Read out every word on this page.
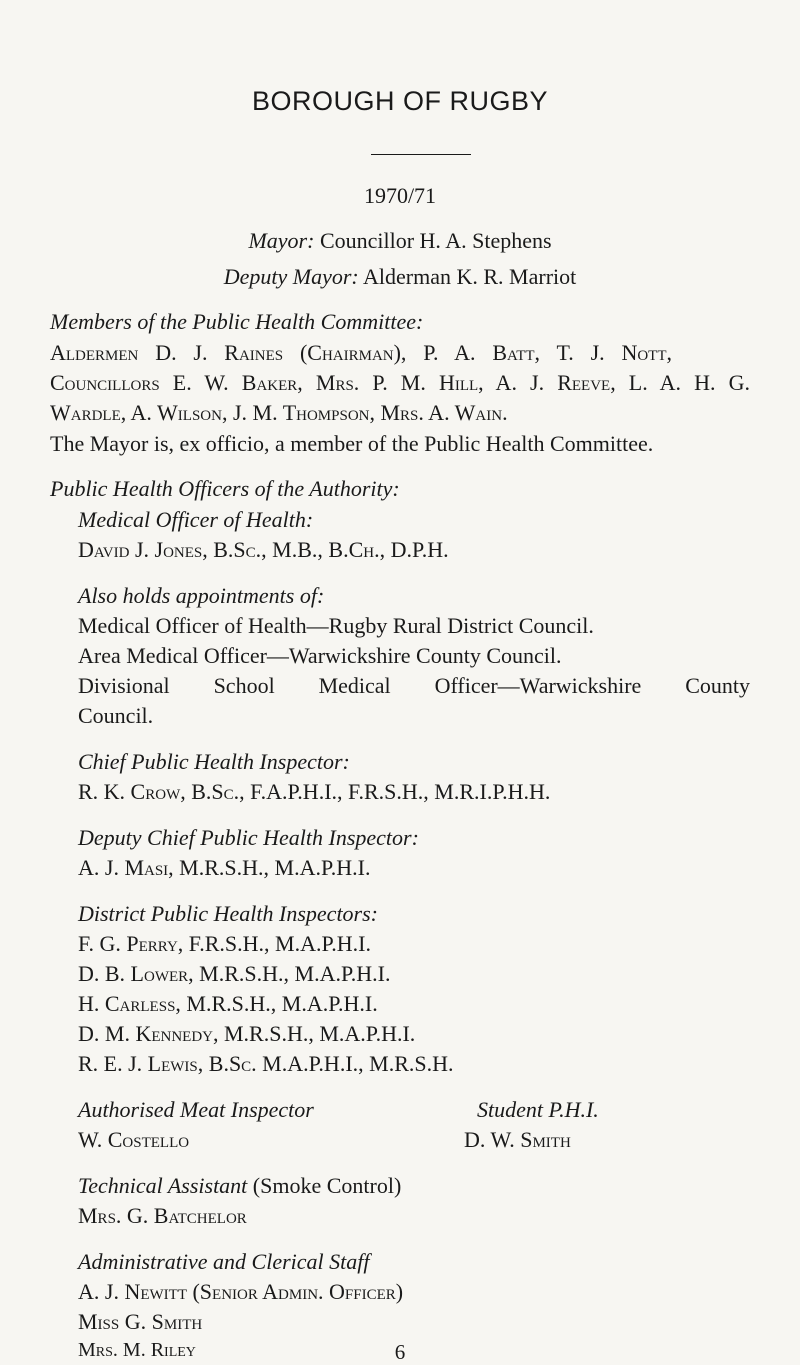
BOROUGH OF RUGBY
1970/71
Mayor: Councillor H. A. Stephens
Deputy Mayor: Alderman K. R. Marriot
Members of the Public Health Committee:
Aldermen D. J. Raines (Chairman), P. A. Batt, T. J. Nott,
Councillors E. W. Baker, Mrs. P. M. Hill, A. J. Reeve, L. A. H. G.
Wardle, A. Wilson, J. M. Thompson, Mrs. A. Wain.
The Mayor is, ex officio, a member of the Public Health Committee.
Public Health Officers of the Authority:
Medical Officer of Health:
David J. Jones, B.Sc., M.B., B.Ch., D.P.H.
Also holds appointments of:
Medical Officer of Health—Rugby Rural District Council.
Area Medical Officer—Warwickshire County Council.
Divisional School Medical Officer—Warwickshire County
Council.
Chief Public Health Inspector:
R. K. Crow, B.Sc., F.A.P.H.I., F.R.S.H., M.R.I.P.H.H.
Deputy Chief Public Health Inspector:
A. J. Masi, M.R.S.H., M.A.P.H.I.
District Public Health Inspectors:
F. G. Perry, F.R.S.H., M.A.P.H.I.
D. B. Lower, M.R.S.H., M.A.P.H.I.
H. Carless, M.R.S.H., M.A.P.H.I.
D. M. Kennedy, M.R.S.H., M.A.P.H.I.
R. E. J. Lewis, B.Sc. M.A.P.H.I., M.R.S.H.
Authorised Meat Inspector
W. Costello
Student P.H.I.
D. W. Smith
Technical Assistant (Smoke Control)
Mrs. G. Batchelor
Administrative and Clerical Staff
A. J. Newitt (Senior Admin. Officer)
Miss G. Smith
Mrs. M. Riley	6
